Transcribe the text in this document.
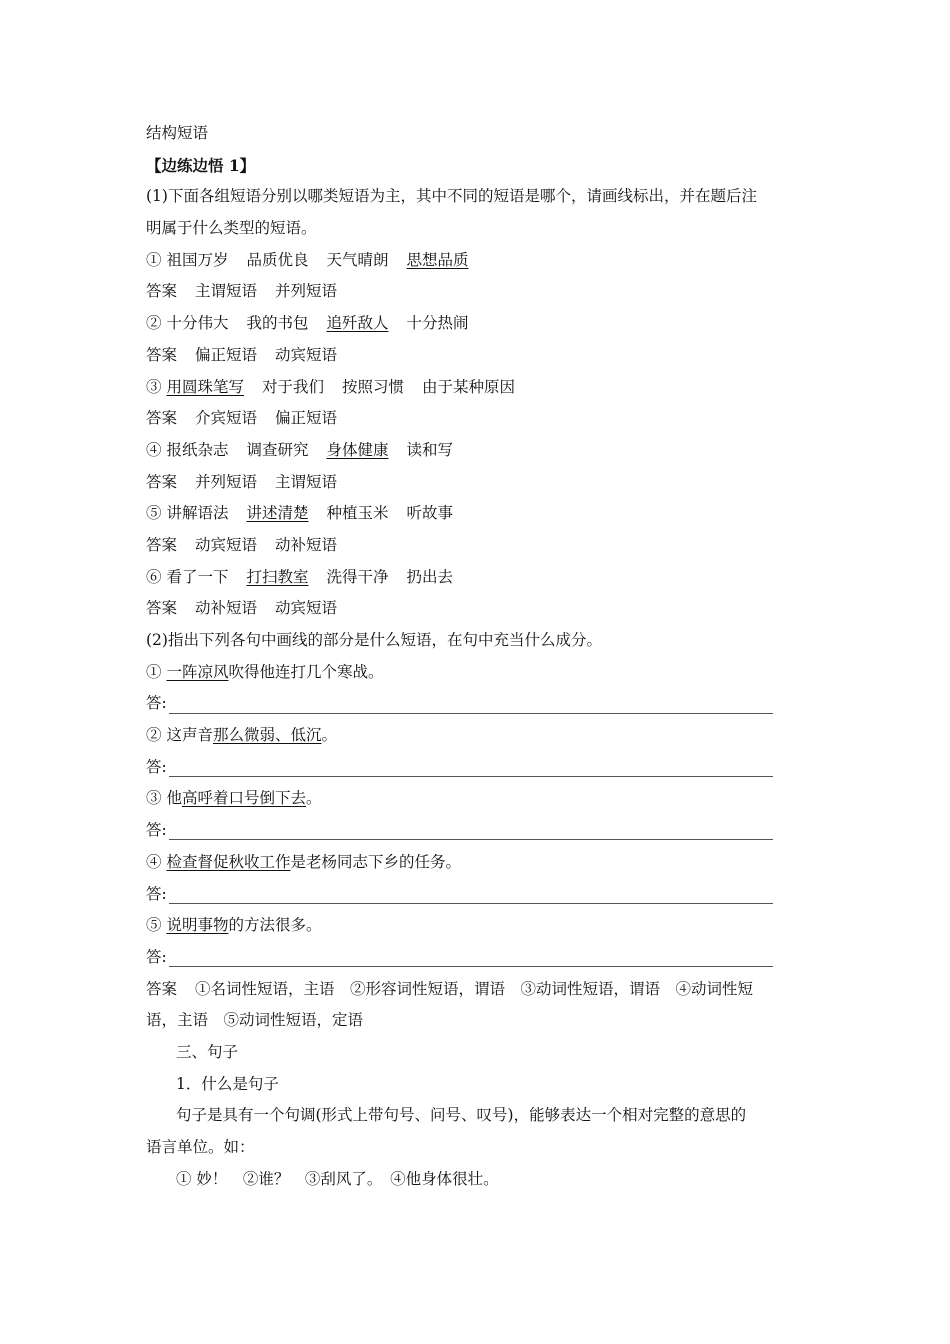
结构短语
【边练边悟 1】
(1)下面各组短语分别以哪类短语为主，其中不同的短语是哪个，请画线标出，并在题后注
明属于什么类型的短语。
① 祖国万岁 品质优良 天气晴朗 思想品质
答案 主谓短语 并列短语
② 十分伟大 我的书包 追歼敌人 十分热闹
答案 偏正短语 动宾短语
③ 用圆珠笔写 对于我们 按照习惯 由于某种原因
答案 介宾短语 偏正短语
④ 报纸杂志 调查研究 身体健康 读和写
答案 并列短语 主谓短语
⑤ 讲解语法 讲述清楚 种植玉米 听故事
答案 动宾短语 动补短语
⑥ 看了一下 打扫教室 洗得干净 扔出去
答案 动补短语 动宾短语
(2)指出下列各句中画线的部分是什么短语，在句中充当什么成分。
① 一阵凉风吹得他连打几个寒战。
答:
② 这声音那么微弱、低沉。
答:
③ 他高呼着口号倒下去。
答:
④ 检查督促秋收工作是老杨同志下乡的任务。
答:
⑤ 说明事物的方法很多。
答:
答案 ①名词性短语，主语　②形容词性短语，谓语　③动词性短语，谓语　④动词性短
语，主语　⑤动词性短语，定语
三、句子
1．什么是句子
句子是具有一个句调(形式上带句号、问号、叹号)，能够表达一个相对完整的意思的
语言单位。如：
① 妙！　②谁？　③刮风了。　④他身体很壮。
